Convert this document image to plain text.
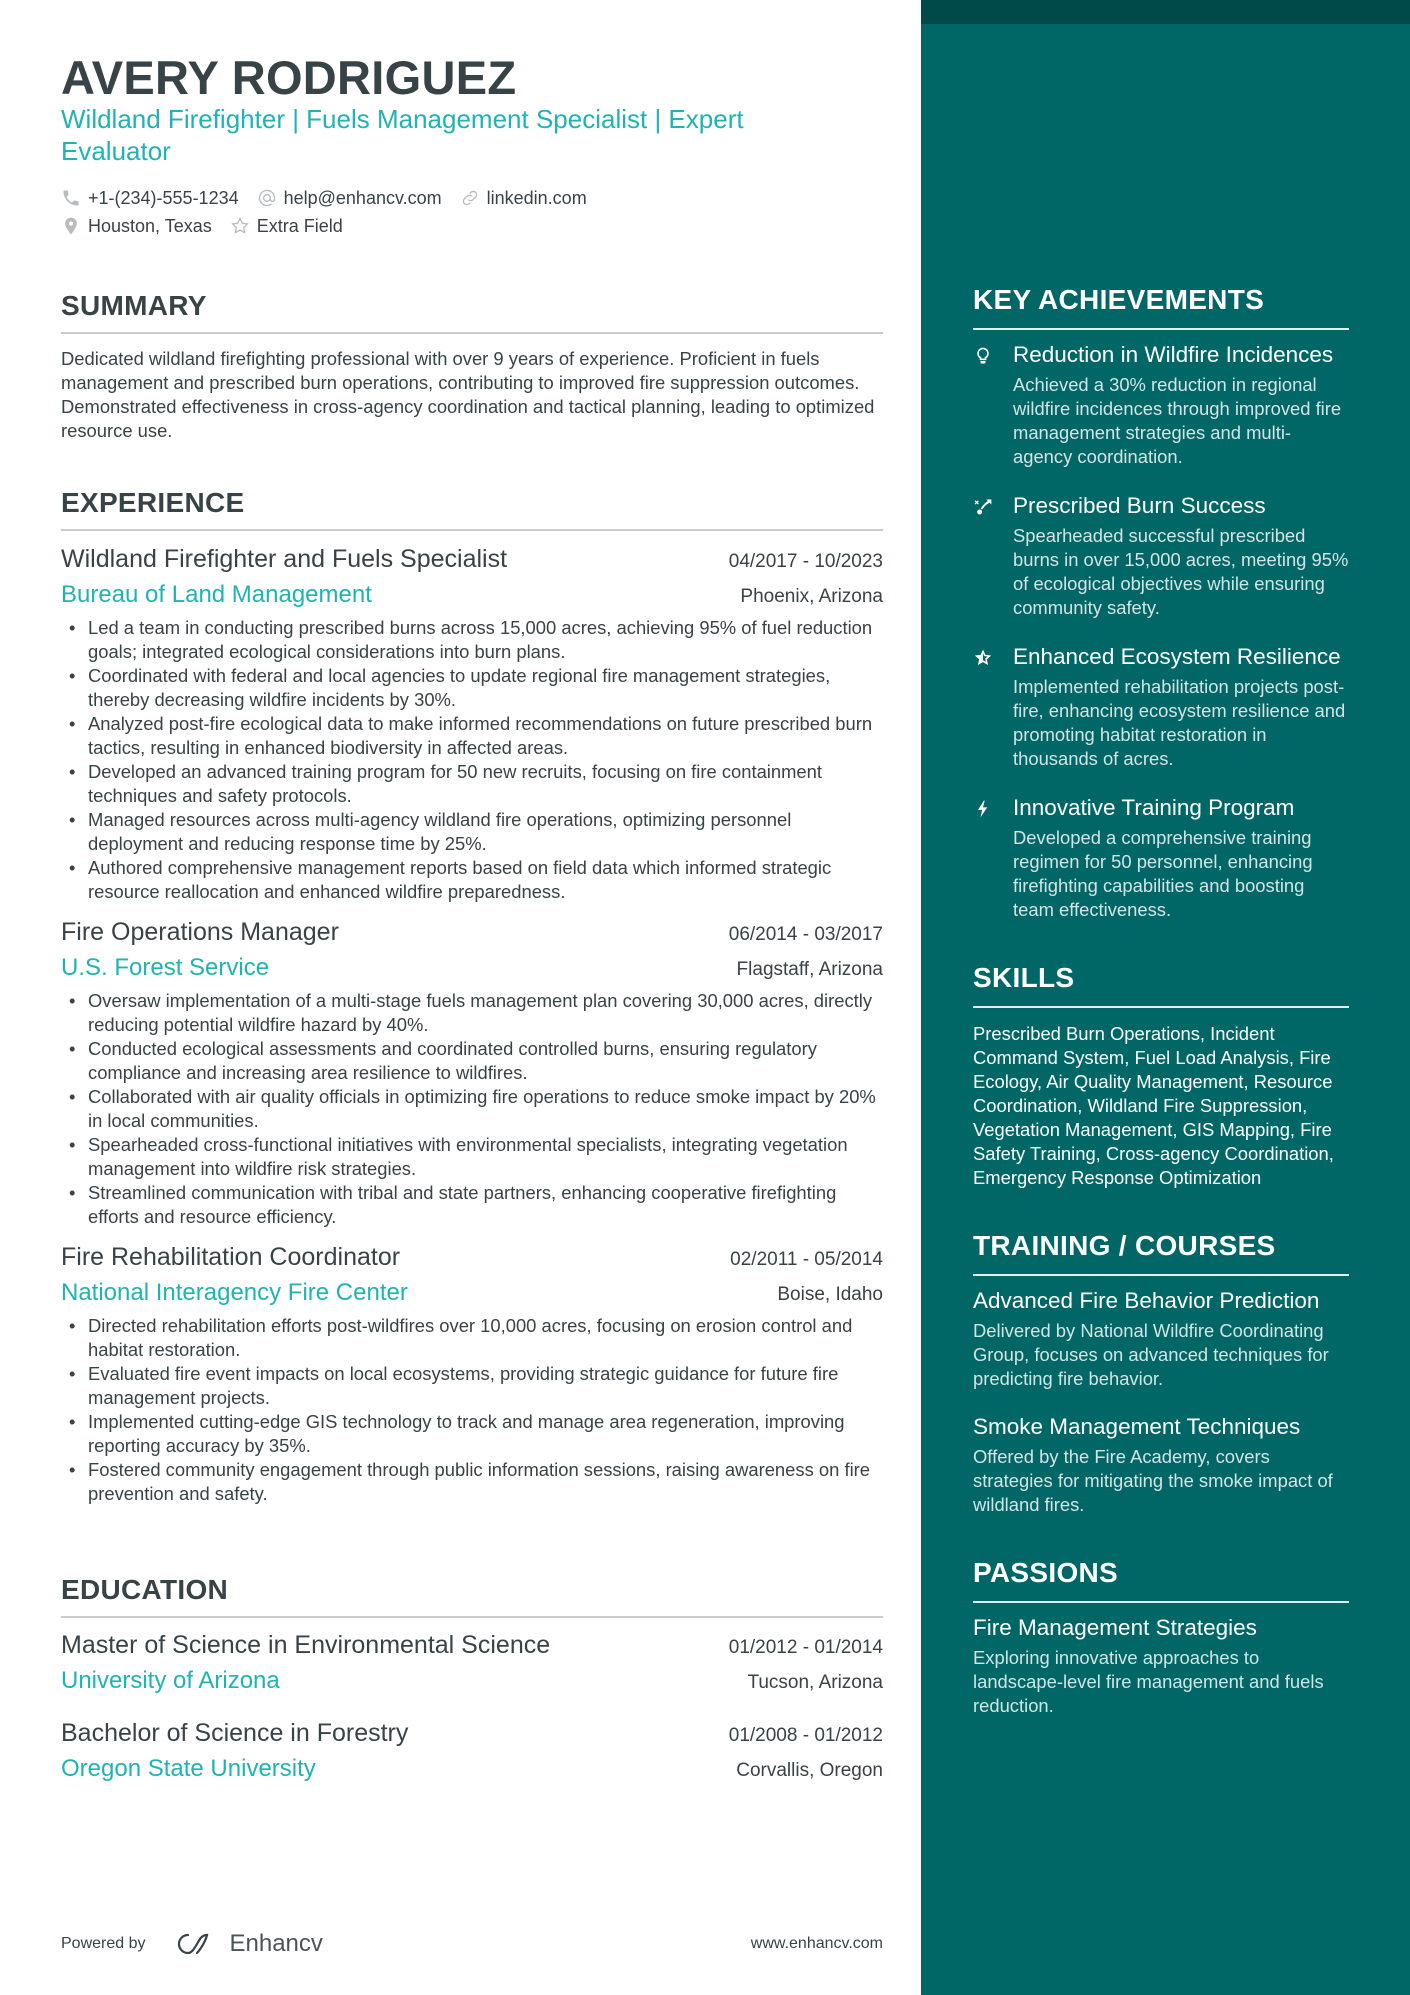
AVERY RODRIGUEZ
Wildland Firefighter | Fuels Management Specialist | Expert Evaluator
+1-(234)-555-1234	help@enhancv.com	linkedin.com
Houston, Texas	Extra Field
SUMMARY

Dedicated wildland firefighting professional with over 9 years of experience. Proficient in fuels management and prescribed burn operations, contributing to improved fire suppression outcomes. Demonstrated effectiveness in cross-agency coordination and tactical planning, leading to optimized resource use.

EXPERIENCE
Wildland Firefighter and Fuels Specialist	04/2017 - 10/2023
Bureau of Land Management	Phoenix, Arizona
• Led a team in conducting prescribed burns across 15,000 acres, achieving 95% of fuel reduction goals; integrated ecological considerations into burn plans.
• Coordinated with federal and local agencies to update regional fire management strategies, thereby decreasing wildfire incidents by 30%.
• Analyzed post-fire ecological data to make informed recommendations on future prescribed burn tactics, resulting in enhanced biodiversity in affected areas.
• Developed an advanced training program for 50 new recruits, focusing on fire containment techniques and safety protocols.
• Managed resources across multi-agency wildland fire operations, optimizing personnel deployment and reducing response time by 25%.
• Authored comprehensive management reports based on field data which informed strategic resource reallocation and enhanced wildfire preparedness.
Fire Operations Manager	06/2014 - 03/2017
U.S. Forest Service	Flagstaff, Arizona
• Oversaw implementation of a multi-stage fuels management plan covering 30,000 acres, directly reducing potential wildfire hazard by 40%.
• Conducted ecological assessments and coordinated controlled burns, ensuring regulatory compliance and increasing area resilience to wildfires.
• Collaborated with air quality officials in optimizing fire operations to reduce smoke impact by 20% in local communities.
• Spearheaded cross-functional initiatives with environmental specialists, integrating vegetation management into wildfire risk strategies.
• Streamlined communication with tribal and state partners, enhancing cooperative firefighting efforts and resource efficiency.
Fire Rehabilitation Coordinator	02/2011 - 05/2014
National Interagency Fire Center	Boise, Idaho
• Directed rehabilitation efforts post-wildfires over 10,000 acres, focusing on erosion control and habitat restoration.
• Evaluated fire event impacts on local ecosystems, providing strategic guidance for future fire management projects.
• Implemented cutting-edge GIS technology to track and manage area regeneration, improving reporting accuracy by 35%.
• Fostered community engagement through public information sessions, raising awareness on fire prevention and safety.
EDUCATION
Master of Science in Environmental Science	01/2012 - 01/2014
University of Arizona	Tucson, Arizona
Bachelor of Science in Forestry	01/2008 - 01/2012
Oregon State University	Corvallis, Oregon
Powered by	Enhancv	www.enhancv.com
KEY ACHIEVEMENTS
Reduction in Wildfire Incidences
Achieved a 30% reduction in regional wildfire incidences through improved fire management strategies and multi-agency coordination.
Prescribed Burn Success
Spearheaded successful prescribed burns in over 15,000 acres, meeting 95% of ecological objectives while ensuring community safety.
Enhanced Ecosystem Resilience
Implemented rehabilitation projects post-fire, enhancing ecosystem resilience and promoting habitat restoration in thousands of acres.
Innovative Training Program
Developed a comprehensive training regimen for 50 personnel, enhancing firefighting capabilities and boosting team effectiveness.
SKILLS

Prescribed Burn Operations, Incident Command System, Fuel Load Analysis, Fire Ecology, Air Quality Management, Resource Coordination, Wildland Fire Suppression, Vegetation Management, GIS Mapping, Fire Safety Training, Cross-agency Coordination, Emergency Response Optimization

TRAINING / COURSES
Advanced Fire Behavior Prediction
Delivered by National Wildfire Coordinating Group, focuses on advanced techniques for predicting fire behavior.
Smoke Management Techniques
Offered by the Fire Academy, covers strategies for mitigating the smoke impact of wildland fires.
PASSIONS
Fire Management Strategies
Exploring innovative approaches to landscape-level fire management and fuels reduction.
